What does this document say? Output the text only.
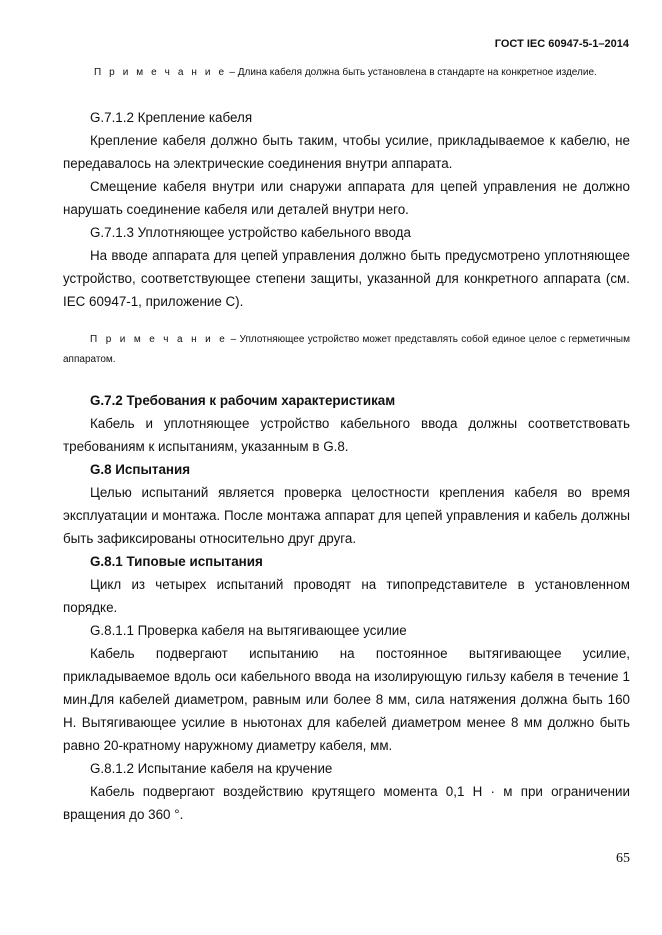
ГОСТ IEC 60947-5-1–2014
П р и м е ч а н и е – Длина кабеля должна быть установлена в стандарте на конкретное изделие.
G.7.1.2 Крепление кабеля
Крепление кабеля должно быть таким, чтобы усилие, прикладываемое к кабелю, не передавалось на электрические соединения внутри аппарата.
Смещение кабеля внутри или снаружи аппарата для цепей управления не должно нарушать соединение кабеля или деталей внутри него.
G.7.1.3 Уплотняющее устройство кабельного ввода
На вводе аппарата для цепей управления должно быть предусмотрено уплотняющее устройство, соответствующее степени защиты, указанной для конкретного аппарата (см. IEC 60947-1, приложение С).
П р и м е ч а н и е – Уплотняющее устройство может представлять собой единое целое с герметичным аппаратом.
G.7.2 Требования к рабочим характеристикам
Кабель и уплотняющее устройство кабельного ввода должны соответствовать требованиям к испытаниям, указанным в G.8.
G.8 Испытания
Целью испытаний является проверка целостности крепления кабеля во время эксплуатации и монтажа. После монтажа аппарат для цепей управления и кабель должны быть зафиксированы относительно друг друга.
G.8.1 Типовые испытания
Цикл из четырех испытаний проводят на типопредставителе в установленном порядке.
G.8.1.1 Проверка кабеля на вытягивающее усилие
Кабель подвергают испытанию на постоянное вытягивающее усилие, прикладываемое вдоль оси кабельного ввода на изолирующую гильзу кабеля в течение 1 мин. Для кабелей диаметром, равным или более 8 мм, сила натяжения должна быть 160 Н. Вытягивающее усилие в ньютонах для кабелей диаметром менее 8 мм должно быть равно 20-кратному наружному диаметру кабеля, мм.
G.8.1.2 Испытание кабеля на кручение
Кабель подвергают воздействию крутящего момента 0,1 Н · м при ограничении вращения до 360 °.
65
